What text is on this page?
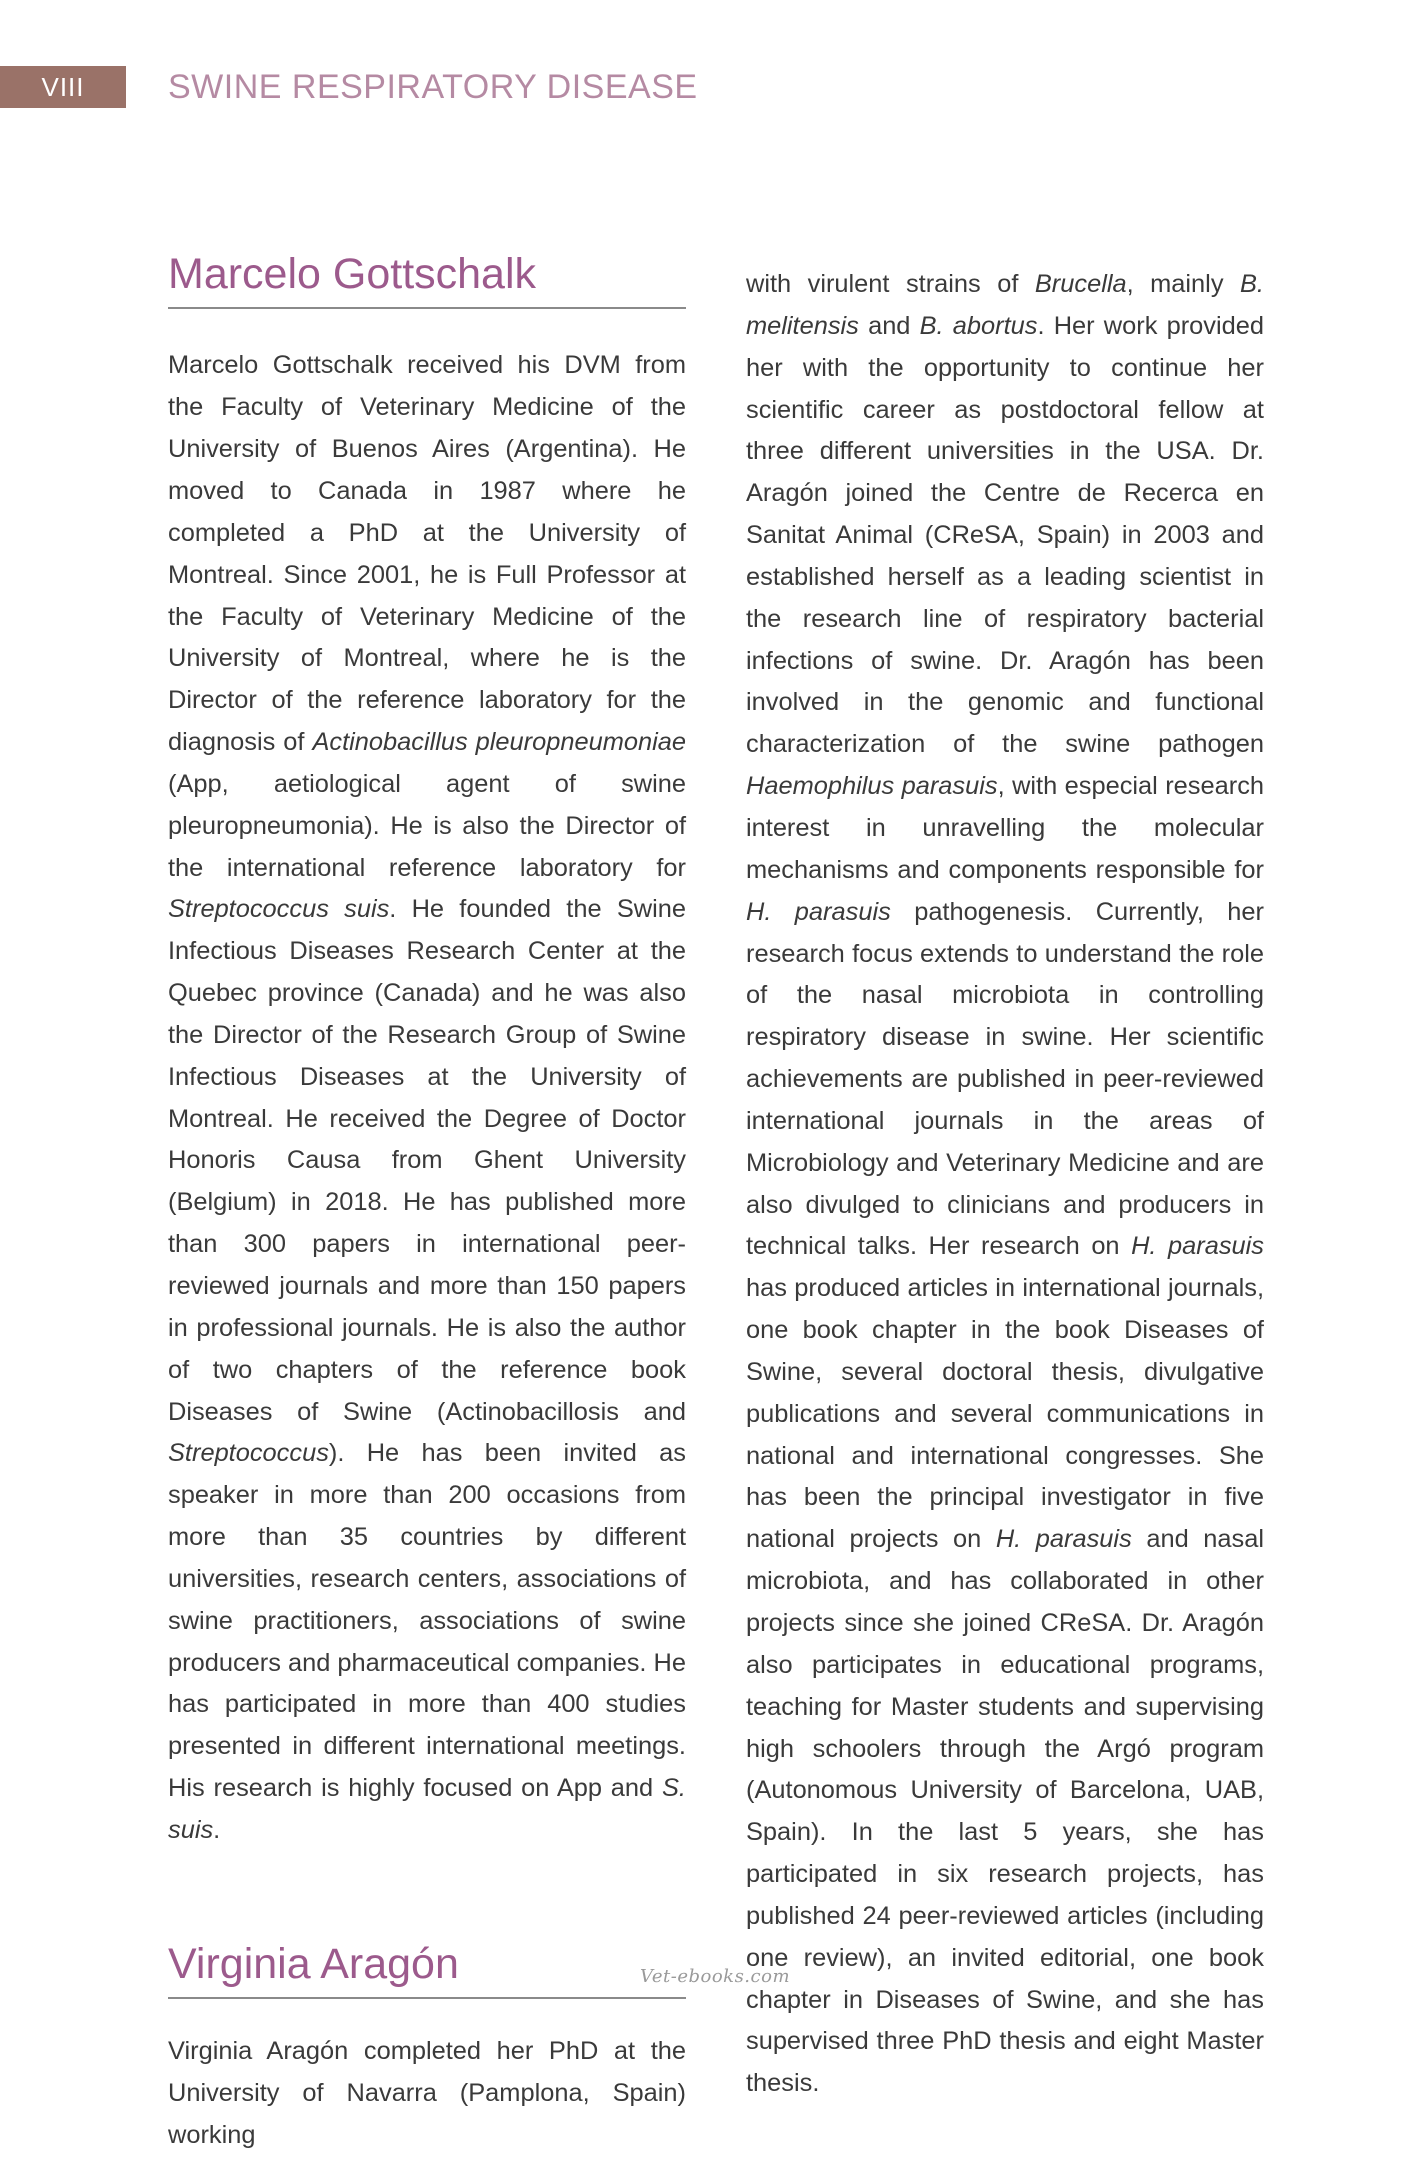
VIII SWINE RESPIRATORY DISEASE
Marcelo Gottschalk

Marcelo Gottschalk received his DVM from the Faculty of Veterinary Medicine of the University of Buenos Aires (Argentina). He moved to Canada in 1987 where he completed a PhD at the University of Montreal. Since 2001, he is Full Professor at the Faculty of Veterinary Medicine of the University of Montreal, where he is the Director of the reference laboratory for the diagnosis of Actinobacillus pleuropneumoniae (App, aetiological agent of swine pleuropneumonia). He is also the Director of the international reference laboratory for Streptococcus suis. He founded the Swine Infectious Diseases Research Center at the Quebec province (Canada) and he was also the Director of the Research Group of Swine Infectious Diseases at the University of Montreal. He received the Degree of Doctor Honoris Causa from Ghent University (Belgium) in 2018. He has published more than 300 papers in international peer-reviewed journals and more than 150 papers in professional journals. He is also the author of two chapters of the reference book Diseases of Swine (Actinobacillosis and Streptococcus). He has been invited as speaker in more than 200 occasions from more than 35 countries by different universities, research centers, associations of swine practitioners, associations of swine producers and pharmaceutical companies. He has participated in more than 400 studies presented in different international meetings. His research is highly focused on App and S. suis.

Virginia Aragón

Virginia Aragón completed her PhD at the University of Navarra (Pamplona, Spain) working

with virulent strains of Brucella, mainly B. melitensis and B. abortus. Her work provided her with the opportunity to continue her scientific career as postdoctoral fellow at three different universities in the USA. Dr. Aragón joined the Centre de Recerca en Sanitat Animal (CReSA, Spain) in 2003 and established herself as a leading scientist in the research line of respiratory bacterial infections of swine. Dr. Aragón has been involved in the genomic and functional characterization of the swine pathogen Haemophilus parasuis, with especial research interest in unravelling the molecular mechanisms and components responsible for H. parasuis pathogenesis. Currently, her research focus extends to understand the role of the nasal microbiota in controlling respiratory disease in swine. Her scientific achievements are published in peer-reviewed international journals in the areas of Microbiology and Veterinary Medicine and are also divulged to clinicians and producers in technical talks. Her research on H. parasuis has produced articles in international journals, one book chapter in the book Diseases of Swine, several doctoral thesis, divulgative publications and several communications in national and international congresses. She has been the principal investigator in five national projects on H. parasuis and nasal microbiota, and has collaborated in other projects since she joined CReSA. Dr. Aragón also participates in educational programs, teaching for Master students and supervising high schoolers through the Argó program (Autonomous University of Barcelona, UAB, Spain). In the last 5 years, she has participated in six research projects, has published 24 peer-reviewed articles (including one review), an invited editorial, one book chapter in Diseases of Swine, and she has supervised three PhD thesis and eight Master thesis.

Vet-ebooks.com
